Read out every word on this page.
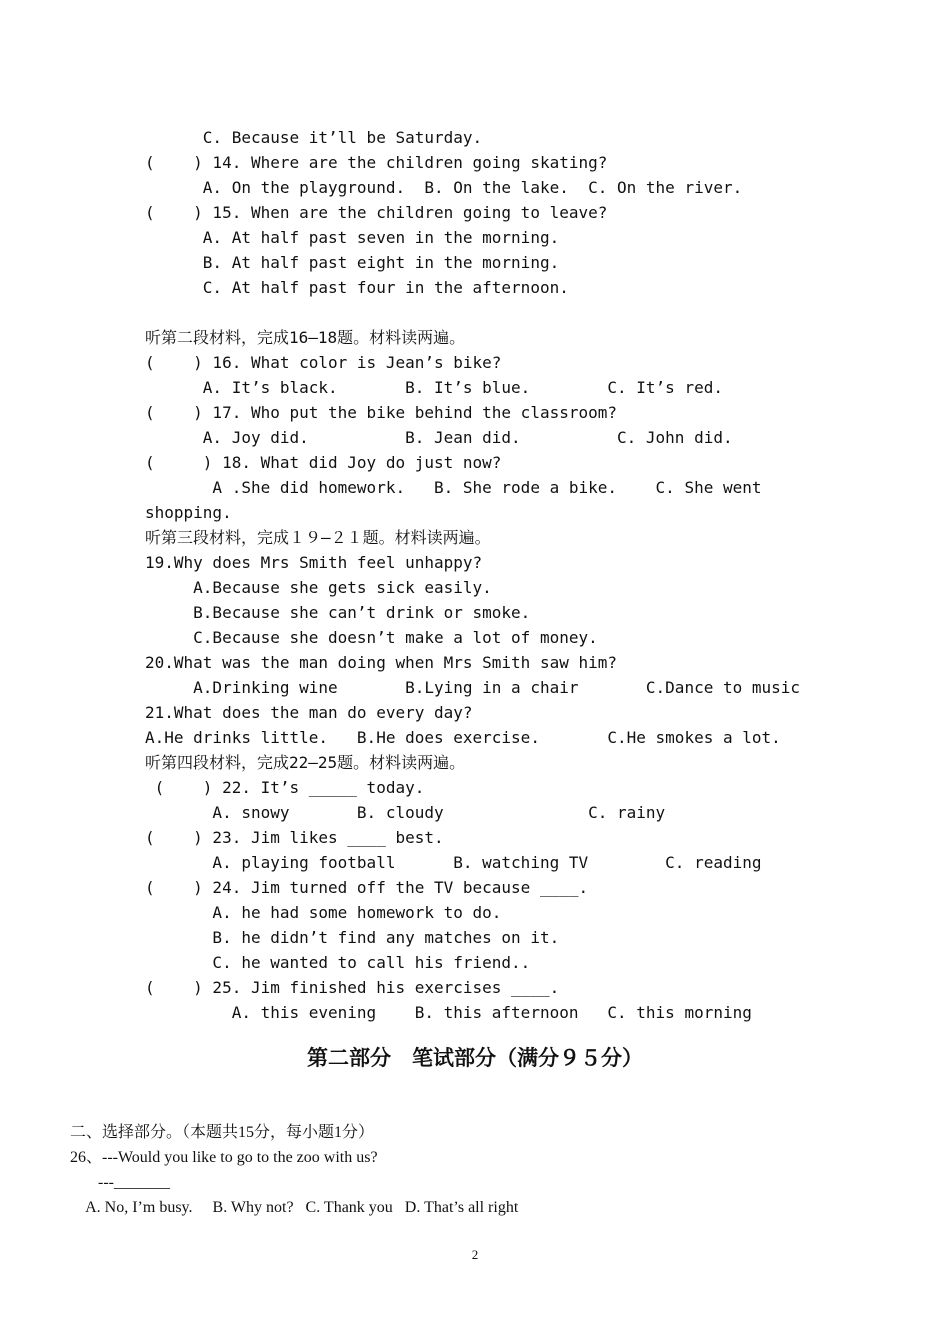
C. Because it’ll be Saturday.
(    ) 14. Where are the children going skating?
A. On the playground.  B. On the lake.  C. On the river.
(    ) 15. When are the children going to leave?
A. At half past seven in the morning.
B. At half past eight in the morning.
C. At half past four in the afternoon.
听第二段材料，完成16—18题。材料读两遍。
(    ) 16. What color is Jean’s bike?
A. It’s black.       B. It’s blue.        C. It’s red.
(    ) 17. Who put the bike behind the classroom?
A. Joy did.          B. Jean did.          C. John did.
(     ) 18. What did Joy do just now?
A .She did homework.   B. She rode a bike.    C. She went
shopping.
听第三段材料，完成１９—２１题。材料读两遍。
19.Why does Mrs Smith feel unhappy?
A.Because she gets sick easily.
B.Because she can’t drink or smoke.
C.Because she doesn’t make a lot of money.
20.What was the man doing when Mrs Smith saw him?
A.Drinking wine       B.Lying in a chair       C.Dance to music
21.What does the man do every day?
A.He drinks little.   B.He does exercise.       C.He smokes a lot.
听第四段材料，完成22—25题。材料读两遍。
(    ) 22. It’s _____ today.
A. snowy       B. cloudy               C. rainy
(    ) 23. Jim likes ____ best.
A. playing football      B. watching TV        C. reading
(    ) 24. Jim turned off the TV because ____.
A. he had some homework to do.
B. he didn’t find any matches on it.
C. he wanted to call his friend..
(    ) 25. Jim finished his exercises ____.
A. this evening    B. this afternoon   C. this morning
第二部分　笔试部分（满分９５分）
二、选择部分。（本题共15分，每小题1分）
26、---Would you like to go to the zoo with us?
---_______
A. No, I’m busy.     B. Why not?   C. Thank you   D. That’s all right
2
